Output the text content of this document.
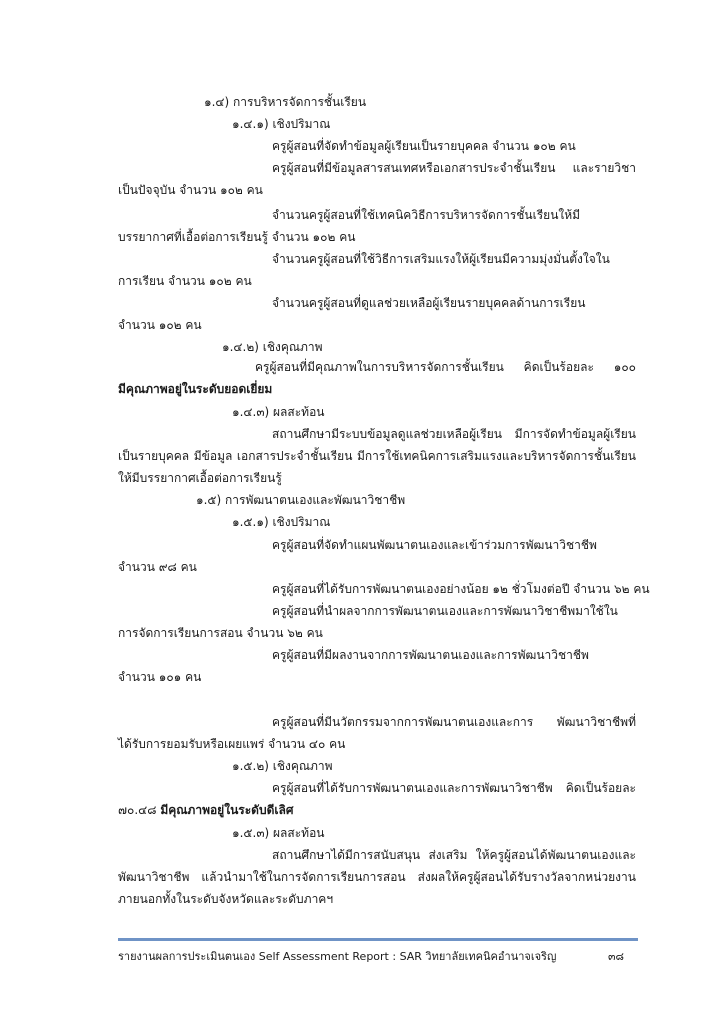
๑.๔) การบริหารจัดการชั้นเรียน
๑.๔.๑) เชิงปริมาณ
ครูผู้สอนที่จัดทำข้อมูลผู้เรียนเป็นรายบุคคล จำนวน ๑๐๒ คน
ครูผู้สอนที่มีข้อมูลสารสนเทศหรือเอกสารประจำชั้นเรียน และรายวิชา
เป็นปัจจุบัน จำนวน ๑๐๒ คน
จำนวนครูผู้สอนที่ใช้เทคนิควิธีการบริหารจัดการชั้นเรียนให้มี
บรรยากาศที่เอื้อต่อการเรียนรู้ จำนวน ๑๐๒ คน
จำนวนครูผู้สอนที่ใช้วิธีการเสริมแรงให้ผู้เรียนมีความมุ่งมั่นตั้งใจใน
การเรียน จำนวน ๑๐๒ คน
จำนวนครูผู้สอนที่ดูแลช่วยเหลือผู้เรียนรายบุคคลด้านการเรียน
จำนวน ๑๐๒ คน
๑.๔.๒) เชิงคุณภาพ
ครูผู้สอนที่มีคุณภาพในการบริหารจัดการชั้นเรียน คิดเป็นร้อยละ ๑๐๐
มีคุณภาพอยู่ในระดับยอดเยี่ยม
๑.๔.๓) ผลสะท้อน
สถานศึกษามีระบบข้อมูลดูแลช่วยเหลือผู้เรียน มีการจัดทำข้อมูลผู้เรียน
เป็นรายบุคคล มีข้อมูล เอกสารประจำชั้นเรียน มีการใช้เทคนิคการเสริมแรงและบริหารจัดการชั้นเรียน
ให้มีบรรยากาศเอื้อต่อการเรียนรู้
๑.๕) การพัฒนาตนเองและพัฒนาวิชาชีพ
๑.๕.๑) เชิงปริมาณ
ครูผู้สอนที่จัดทำแผนพัฒนาตนเองและเข้าร่วมการพัฒนาวิชาชีพ
จำนวน ๙๘ คน
ครูผู้สอนที่ได้รับการพัฒนาตนเองอย่างน้อย ๑๒ ชั่วโมงต่อปี จำนวน ๖๒ คน
ครูผู้สอนที่นำผลจากการพัฒนาตนเองและการพัฒนาวิชาชีพมาใช้ใน
การจัดการเรียนการสอน จำนวน ๖๒ คน
ครูผู้สอนที่มีผลงานจากการพัฒนาตนเองและการพัฒนาวิชาชีพ
จำนวน ๑๐๑ คน
ครูผู้สอนที่มีนวัตกรรมจากการพัฒนาตนเองและการ พัฒนาวิชาชีพที่
ได้รับการยอมรับหรือเผยแพร่ จำนวน ๔๐ คน
๑.๕.๒) เชิงคุณภาพ
ครูผู้สอนที่ได้รับการพัฒนาตนเองและการพัฒนาวิชาชีพ คิดเป็นร้อยละ
๗๐.๔๘ มีคุณภาพอยู่ในระดับดีเลิศ
๑.๕.๓) ผลสะท้อน
สถานศึกษาได้มีการสนับสนุน ส่งเสริม ให้ครูผู้สอนได้พัฒนาตนเองและ
พัฒนาวิชาชีพ แล้วนำมาใช้ในการจัดการเรียนการสอน ส่งผลให้ครูผู้สอนได้รับรางวัลจากหน่วยงาน
ภายนอกทั้งในระดับจังหวัดและระดับภาคฯ
รายงานผลการประเมินตนเอง Self Assessment Report : SAR วิทยาลัยเทคนิคอำนาจเจริญ	๓๘
